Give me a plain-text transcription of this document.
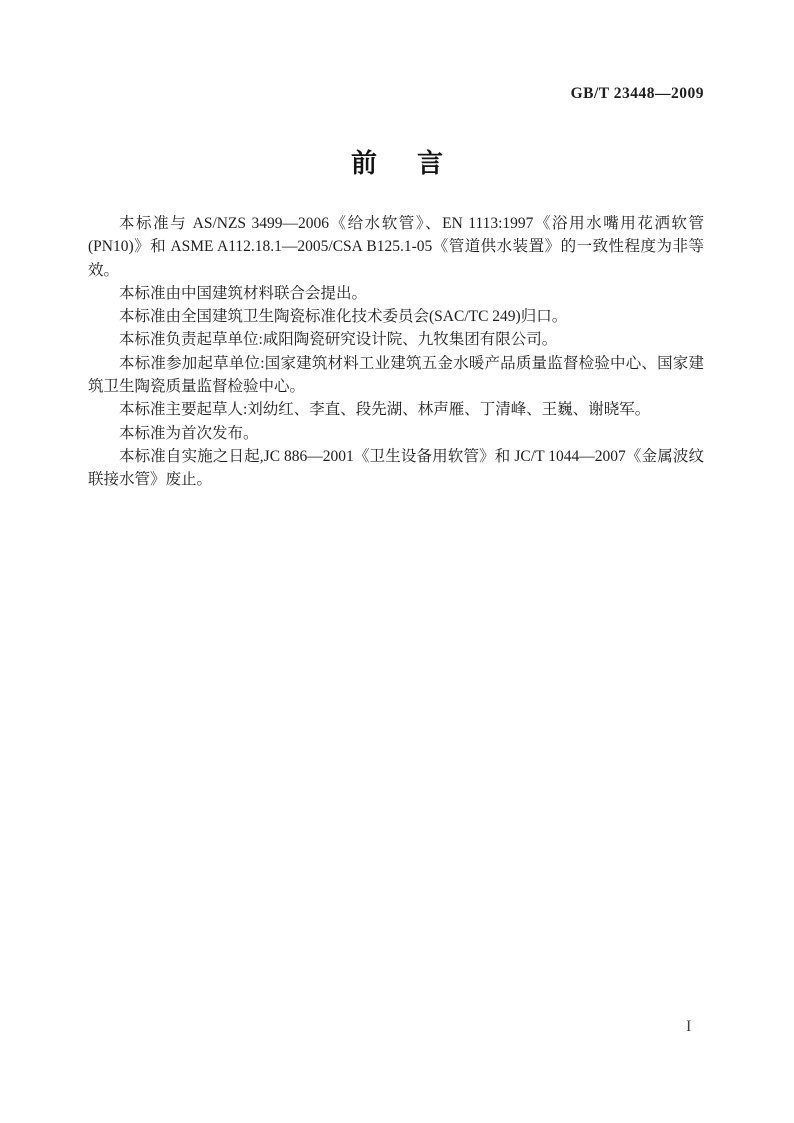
GB/T 23448—2009
前　言

本标准与 AS/NZS 3499—2006《给水软管》、EN 1113:1997《浴用水嘴用花洒软管(PN10)》和 ASME A112.18.1—2005/CSA B125.1-05《管道供水装置》的一致性程度为非等效。

本标准由中国建筑材料联合会提出。

本标准由全国建筑卫生陶瓷标准化技术委员会(SAC/TC 249)归口。

本标准负责起草单位:咸阳陶瓷研究设计院、九牧集团有限公司。

本标准参加起草单位:国家建筑材料工业建筑五金水暖产品质量监督检验中心、国家建筑卫生陶瓷质量监督检验中心。

本标准主要起草人:刘幼红、李直、段先湖、林声雁、丁清峰、王巍、谢晓军。

本标准为首次发布。

本标准自实施之日起,JC 886—2001《卫生设备用软管》和 JC/T 1044—2007《金属波纹联接水管》废止。

I
